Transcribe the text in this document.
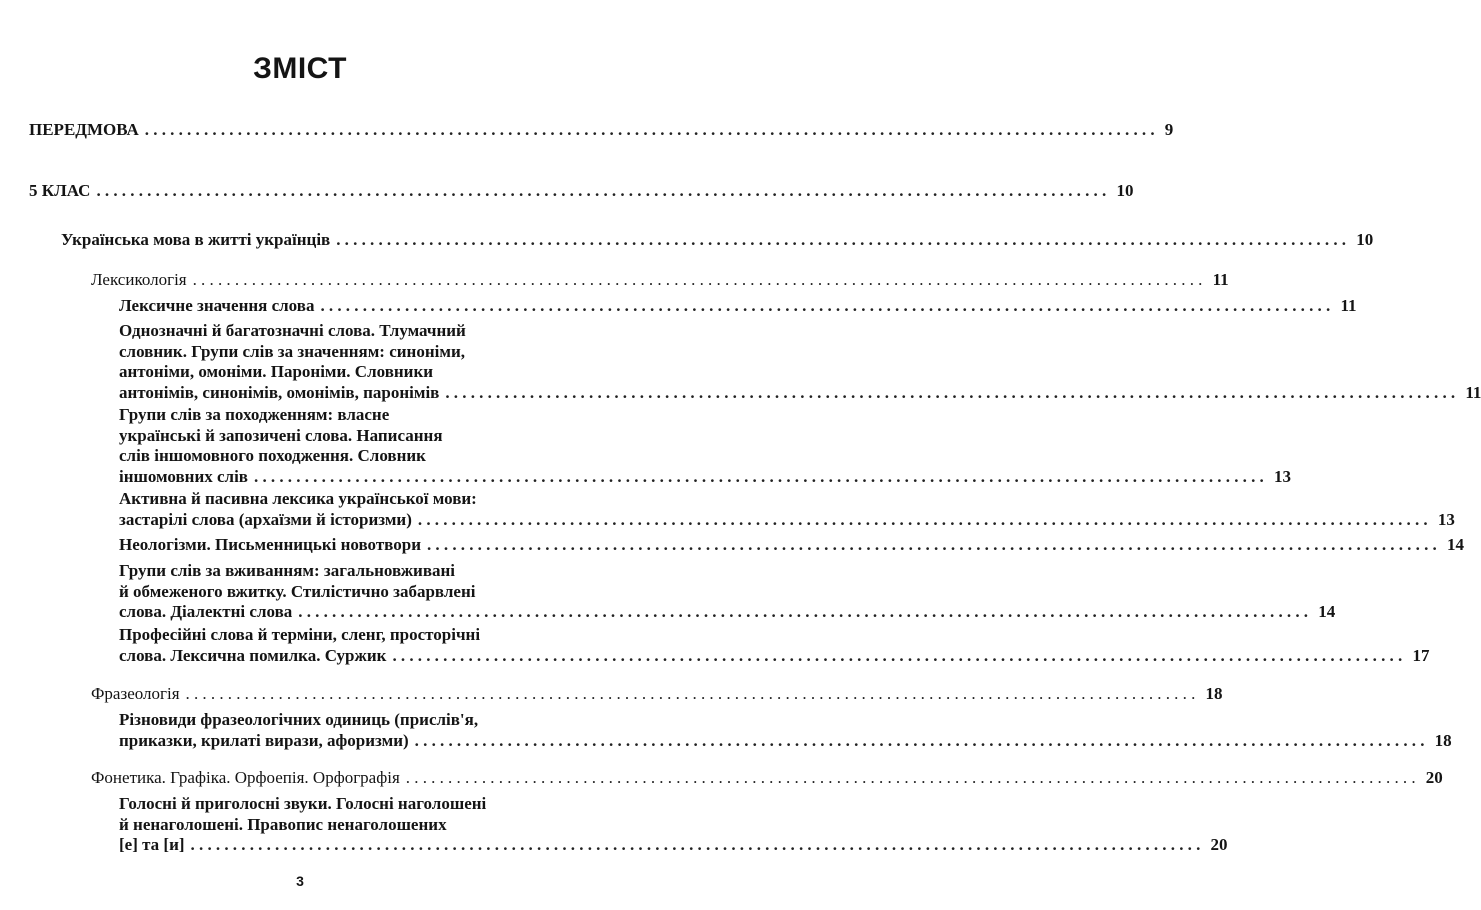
ЗМІСТ
ПЕРЕДМОВА ........................................................................................................................ 9
5 КЛАС ........................................................................................................................ 10
Українська мова в житті українців ........................................................................................................................ 10
Лексикологія ........................................................................................................................ 11
Лексичне значення слова ........................................................................................................................ 11
Однозначні й багатозначні слова. Тлумачний
словник. Групи слів за значенням: синоніми,
антоніми, омоніми. Пароніми. Словники
антонімів, синонімів, омонімів, паронімів ........................................................................................................................ 11
Групи слів за походженням: власне
українські й запозичені слова. Написання
слів іншомовного походження. Словник
іншомовних слів ........................................................................................................................ 13
Активна й пасивна лексика української мови:
застарілі слова (архаїзми й історизми) ........................................................................................................................ 13
Неологізми. Письменницькі новотвори ........................................................................................................................ 14
Групи слів за вживанням: загальновживані
й обмеженого вжитку. Стилістично забарвлені
слова. Діалектні слова ........................................................................................................................ 14
Професійні слова й терміни, сленг, просторічні
слова. Лексична помилка. Суржик ........................................................................................................................ 17
Фразеологія ........................................................................................................................ 18
Різновиди фразеологічних одиниць (прислів'я,
приказки, крилаті вирази, афоризми) ........................................................................................................................ 18
Фонетика. Графіка. Орфоепія. Орфографія ........................................................................................................................ 20
Голосні й приголосні звуки. Голосні наголошені
й ненаголошені. Правопис ненаголошених
[е] та [и] ........................................................................................................................ 20
3
